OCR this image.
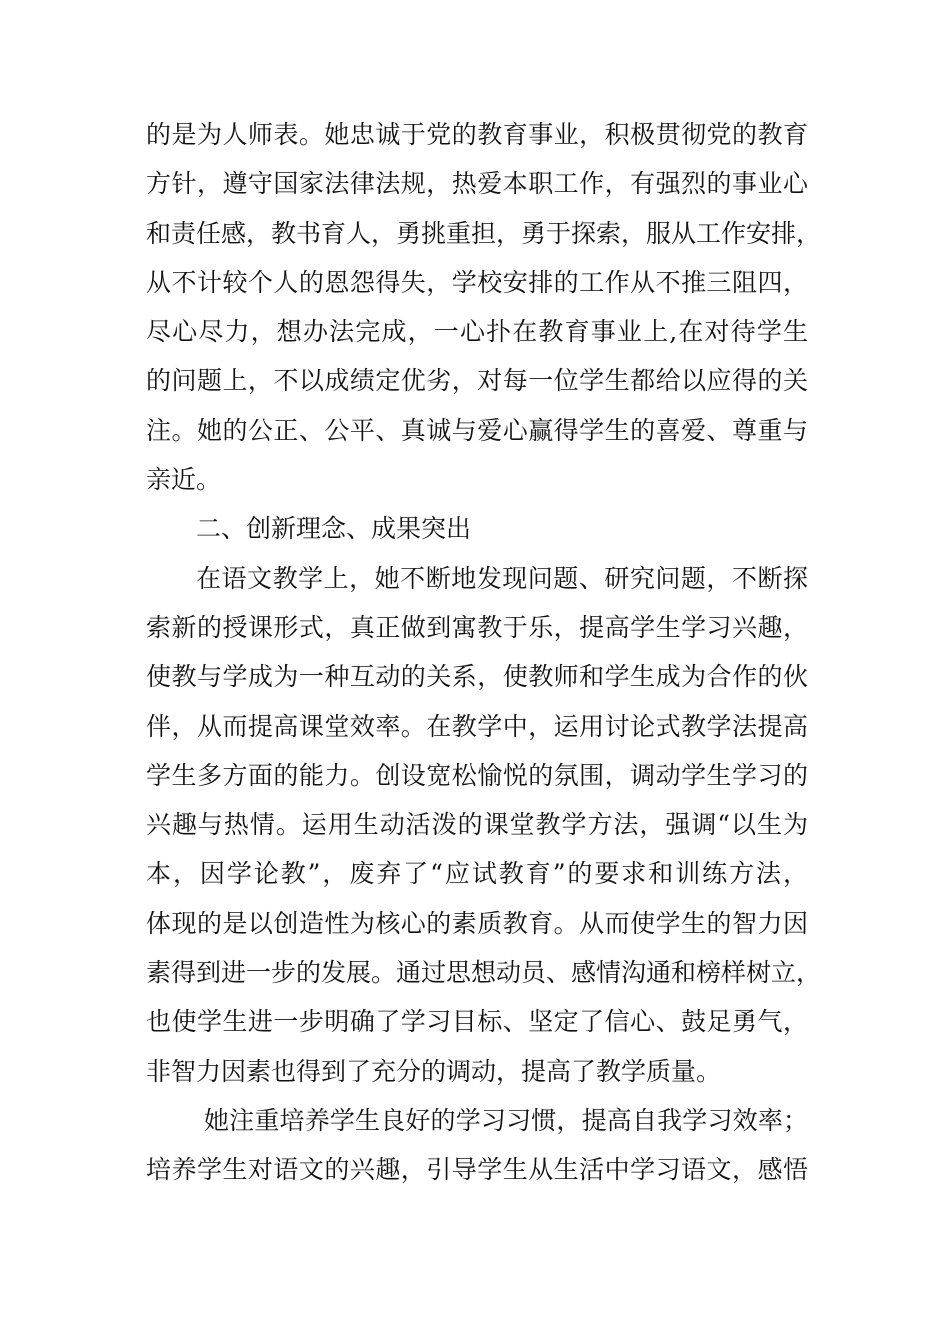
的是为人师表。她忠诚于党的教育事业，积极贯彻党的教育
方针，遵守国家法律法规，热爱本职工作，有强烈的事业心
和责任感，教书育人，勇挑重担，勇于探索，服从工作安排，
从不计较个人的恩怨得失，学校安排的工作从不推三阻四，
尽心尽力，想办法完成，一心扑在教育事业上,在对待学生
的问题上，不以成绩定优劣，对每一位学生都给以应得的关
注。她的公正、公平、真诚与爱心赢得学生的喜爱、尊重与
亲近。
二、创新理念、成果突出
在语文教学上，她不断地发现问题、研究问题，不断探
索新的授课形式，真正做到寓教于乐，提高学生学习兴趣，
使教与学成为一种互动的关系，使教师和学生成为合作的伙
伴，从而提高课堂效率。在教学中，运用讨论式教学法提高
学生多方面的能力。创设宽松愉悦的氛围，调动学生学习的
兴趣与热情。运用生动活泼的课堂教学方法，强调“以生为
本，因学论教”，废弃了“应试教育”的要求和训练方法，
体现的是以创造性为核心的素质教育。从而使学生的智力因
素得到进一步的发展。通过思想动员、感情沟通和榜样树立，
也使学生进一步明确了学习目标、坚定了信心、鼓足勇气，
非智力因素也得到了充分的调动，提高了教学质量。
她注重培养学生良好的学习习惯，提高自我学习效率；
培养学生对语文的兴趣，引导学生从生活中学习语文，感悟
